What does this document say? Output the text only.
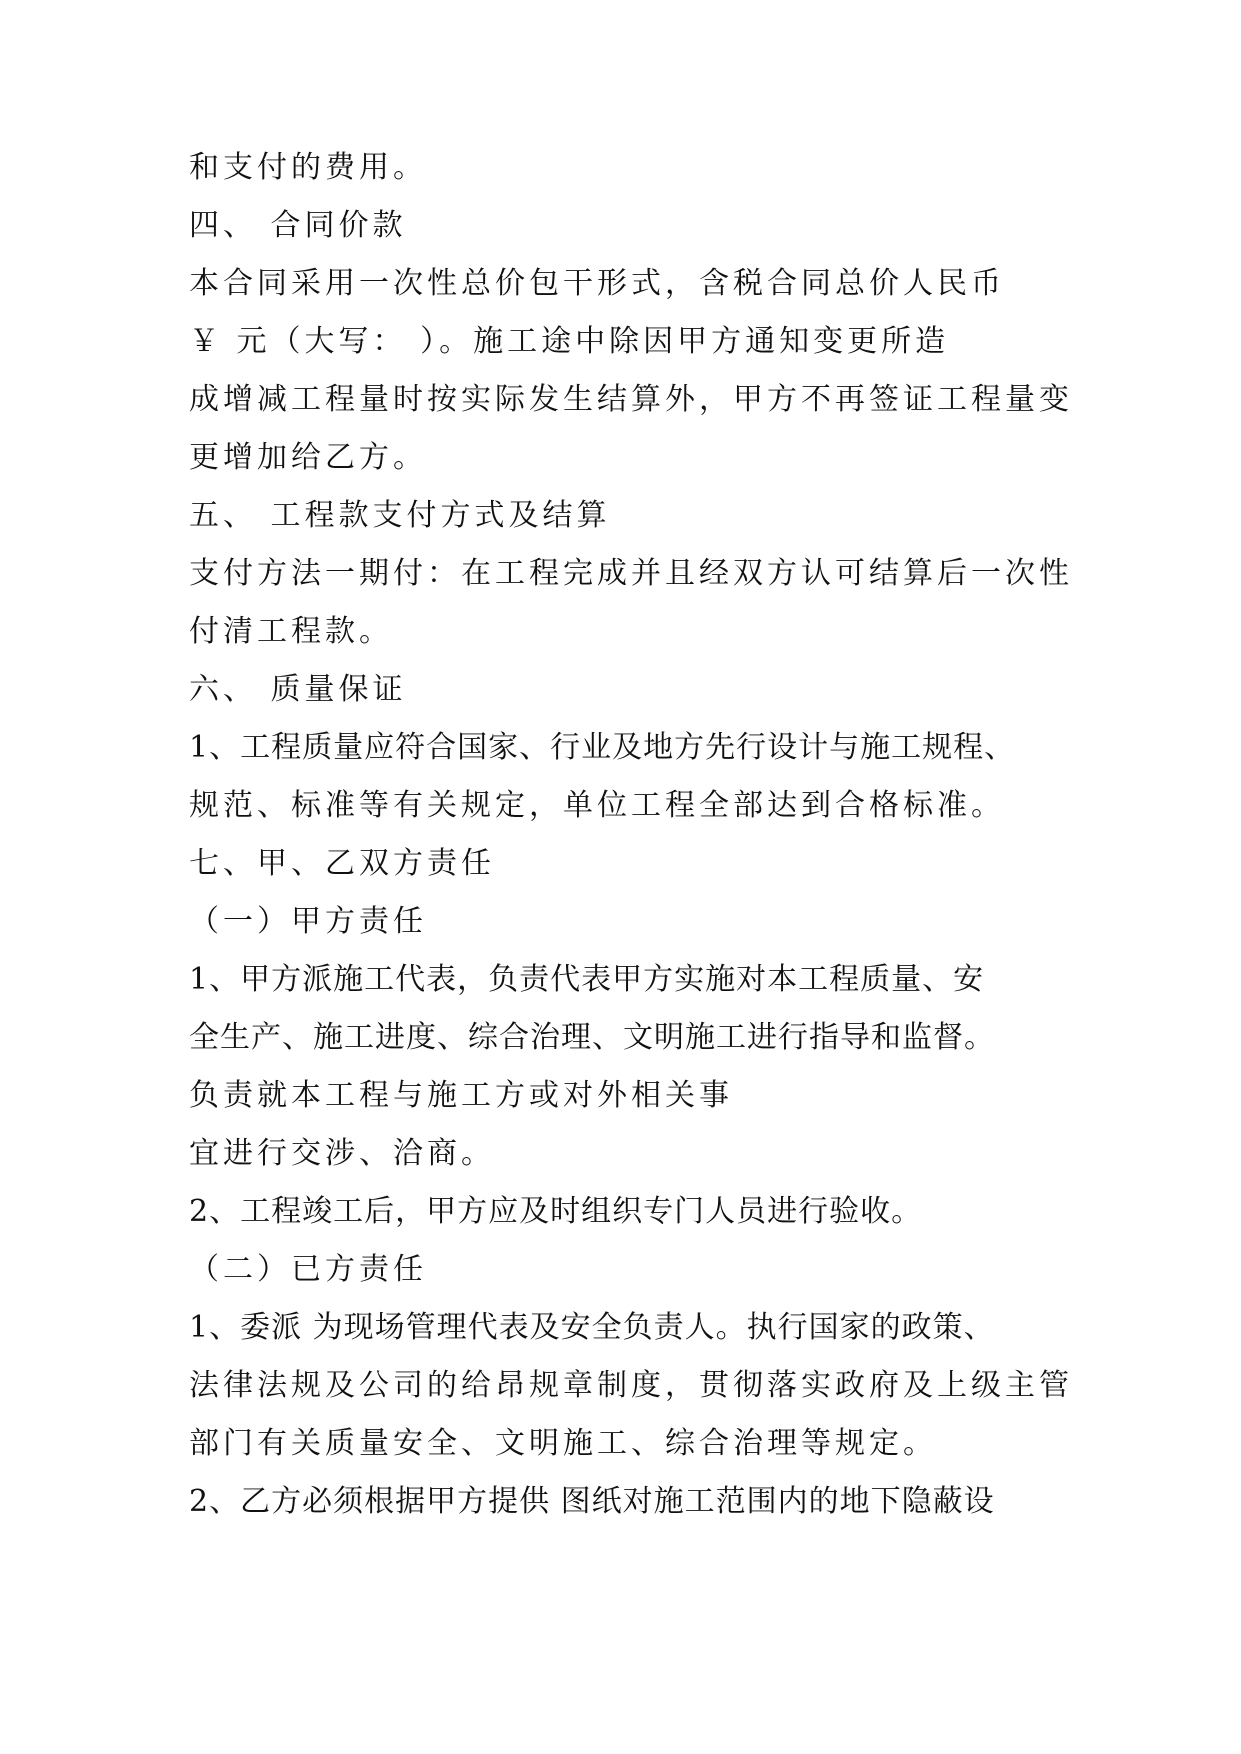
和支付的费用。
四、 合同价款
本合同采用一次性总价包干形式，含税合同总价人民币
￥ 元（大写： ）。施工途中除因甲方通知变更所造
成增减工程量时按实际发生结算外，甲方不再签证工程量变
更增加给乙方。
五、 工程款支付方式及结算
支付方法一期付：在工程完成并且经双方认可结算后一次性
付清工程款。
六、 质量保证
1、工程质量应符合国家、行业及地方先行设计与施工规程、
规范、标准等有关规定，单位工程全部达到合格标准。
七、甲、乙双方责任
（一）甲方责任
1、甲方派施工代表，负责代表甲方实施对本工程质量、安
全生产、施工进度、综合治理、文明施工进行指导和监督。
负责就本工程与施工方或对外相关事
宜进行交涉、洽商。
2、工程竣工后，甲方应及时组织专门人员进行验收。
（二）已方责任
1、委派 为现场管理代表及安全负责人。执行国家的政策、
法律法规及公司的给昂规章制度，贯彻落实政府及上级主管
部门有关质量安全、文明施工、综合治理等规定。
2、乙方必须根据甲方提供 图纸对施工范围内的地下隐蔽设
